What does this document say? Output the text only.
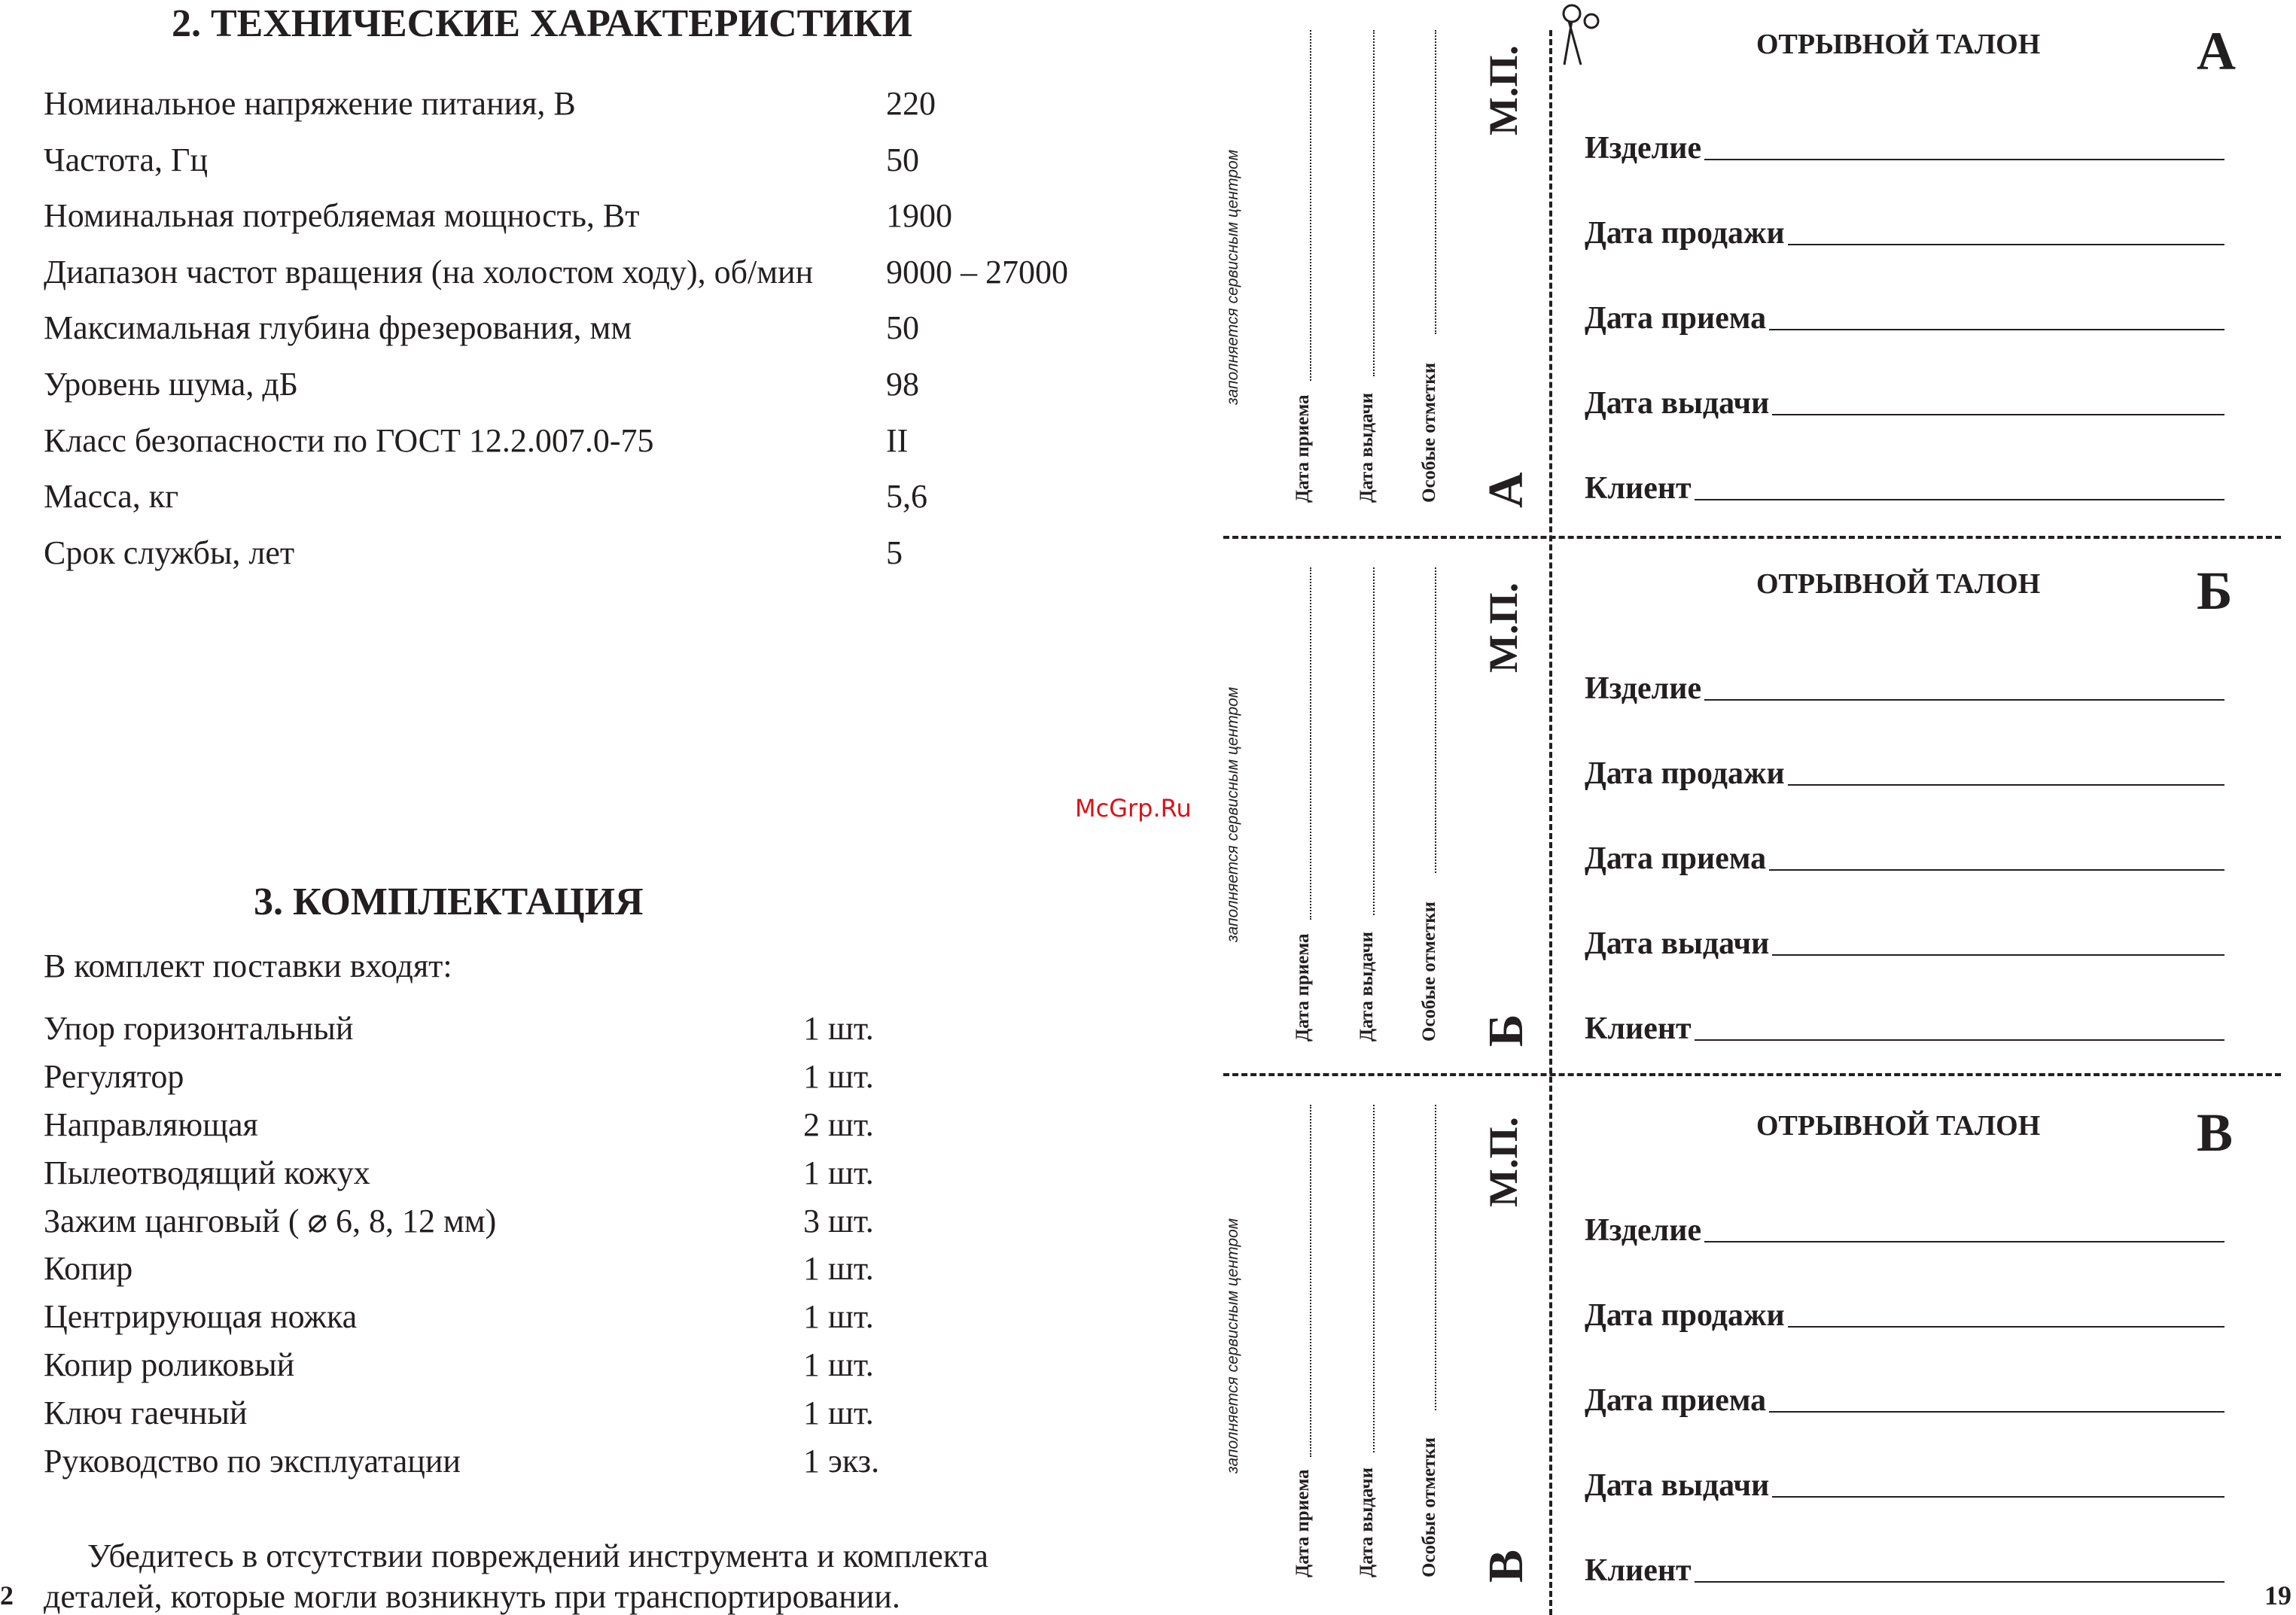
2. ТЕХНИЧЕСКИЕ ХАРАКТЕРИСТИКИ
Номинальное напряжение питания, В	220
Частота, Гц	50
Номинальная потребляемая мощность, Вт	1900
Диапазон частот вращения (на холостом ходу), об/мин 9000 – 27000
Максимальная глубина фрезерования, мм	50
Уровень шума, дБ	98
Класс безопасности по ГОСТ 12.2.007.0-75	II
Масса, кг	5,6
Срок службы, лет	5
3. КОМПЛЕКТАЦИЯ
В комплект поставки входят:
Упор горизонтальный	1 шт.
Регулятор	1 шт.
Направляющая	2 шт.
Пылеотводящий кожух	1 шт.
Зажим цанговый ( ⌀ 6, 8, 12 мм)	3 шт.
Копир	1 шт.
Центрирующая ножка	1 шт.
Копир роликовый	1 шт.
Ключ гаечный	1 шт.
Руководство по эксплуатации	1 экз.
Убедитесь в отсутствии повреждений инструмента и комплекта
деталей, которые могли возникнуть при транспортировании.
2
McGrp.Ru
заполняется сервисным центром
Дата приема Дата выдачи Особые отметки
М.П.
А
ОТРЫВНОЙ ТАЛОН	А
Изделие
Дата продажи
Дата приема
Дата выдачи
Клиент
заполняется сервисным центром
Дата приема Дата выдачи Особые отметки
М.П.
Б
ОТРЫВНОЙ ТАЛОН	Б
Изделие
Дата продажи
Дата приема
Дата выдачи
Клиент
заполняется сервисным центром
Дата приема Дата выдачи Особые отметки
М.П.
В
ОТРЫВНОЙ ТАЛОН	В
Изделие
Дата продажи
Дата приема
Дата выдачи
Клиент
19
